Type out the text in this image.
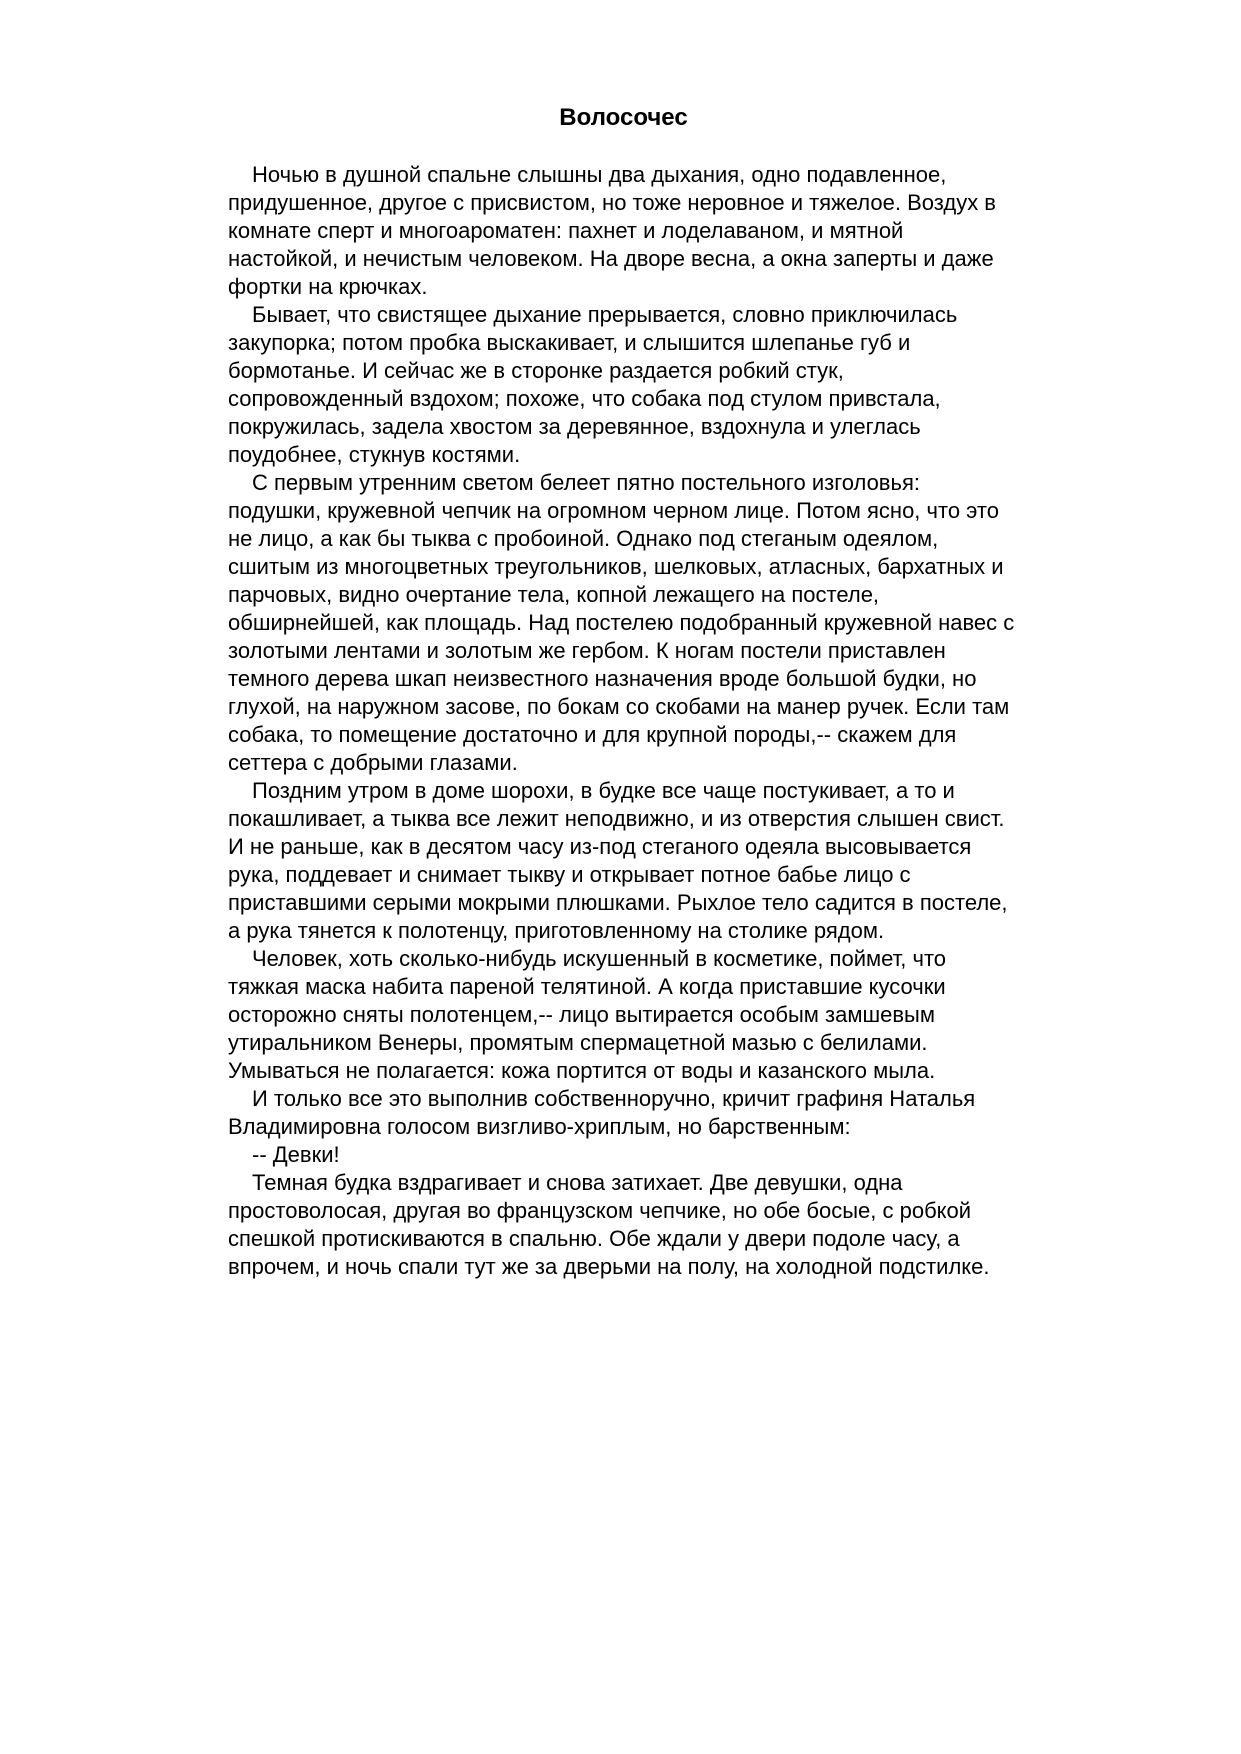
Волосочес

Ночью в душной спальне слышны два дыхания, одно подавленное, придушенное, другое с присвистом, но тоже неровное и тяжелое. Воздух в комнате сперт и многоароматен: пахнет и лоделаваном, и мятной настойкой, и нечистым человеком. На дворе весна, а окна заперты и даже фортки на крючках.

Бывает, что свистящее дыхание прерывается, словно приключилась закупорка; потом пробка выскакивает, и слышится шлепанье губ и бормотанье. И сейчас же в сторонке раздается робкий стук, сопровожденный вздохом; похоже, что собака под стулом привстала, покружилась, задела хвостом за деревянное, вздохнула и улеглась поудобнее, стукнув костями.

С первым утренним светом белеет пятно постельного изголовья: подушки, кружевной чепчик на огромном черном лице. Потом ясно, что это не лицо, а как бы тыква с пробоиной. Однако под стеганым одеялом, сшитым из многоцветных треугольников, шелковых, атласных, бархатных и парчовых, видно очертание тела, копной лежащего на постеле, обширнейшей, как площадь. Над постелею подобранный кружевной навес с золотыми лентами и золотым же гербом. К ногам постели приставлен темного дерева шкап неизвестного назначения вроде большой будки, но глухой, на наружном засове, по бокам со скобами на манер ручек. Если там собака, то помещение достаточно и для крупной породы,-- скажем для сеттера с добрыми глазами.

Поздним утром в доме шорохи, в будке все чаще постукивает, а то и покашливает, а тыква все лежит неподвижно, и из отверстия слышен свист. И не раньше, как в десятом часу из-под стеганого одеяла высовывается рука, поддевает и снимает тыкву и открывает потное бабье лицо с приставшими серыми мокрыми плюшками. Рыхлое тело садится в постеле, а рука тянется к полотенцу, приготовленному на столике рядом.

Человек, хоть сколько-нибудь искушенный в косметике, поймет, что тяжкая маска набита пареной телятиной. А когда приставшие кусочки осторожно сняты полотенцем,-- лицо вытирается особым замшевым утиральником Венеры, промятым спермацетной мазью с белилами. Умываться не полагается: кожа портится от воды и казанского мыла.

И только все это выполнив собственноручно, кричит графиня Наталья Владимировна голосом визгливо-хриплым, но барственным:

-- Девки!

Темная будка вздрагивает и снова затихает. Две девушки, одна простоволосая, другая во французском чепчике, но обе босые, с робкой спешкой протискиваются в спальню. Обе ждали у двери подоле часу, а впрочем, и ночь спали тут же за дверьми на полу, на холодной подстилке.
